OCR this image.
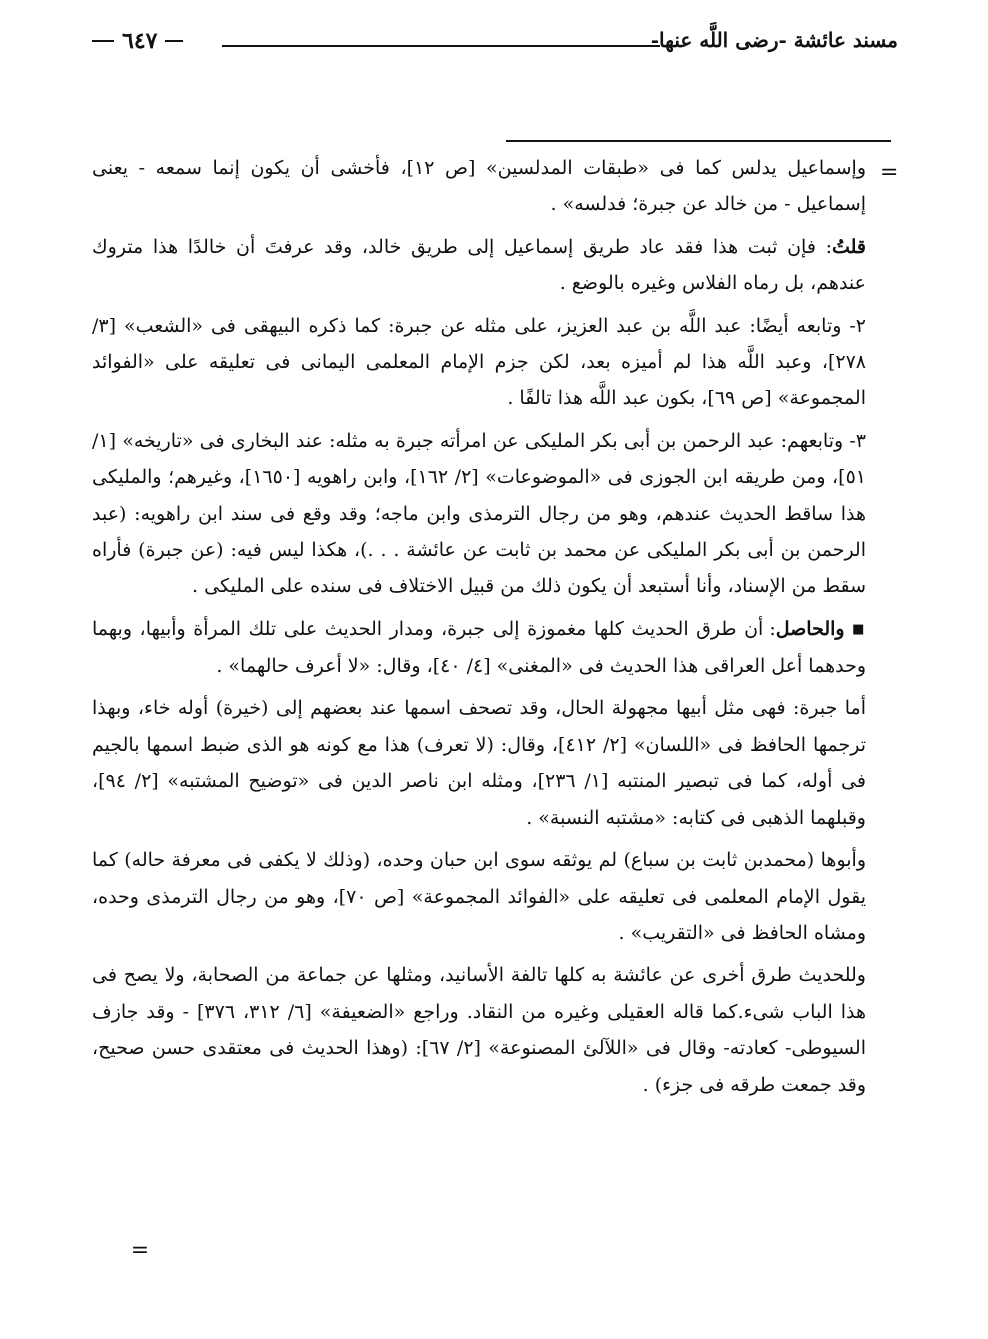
مسند عائشة -رضى اللَّه عنها-
٦٤٧
=

وإسماعيل يدلس كما فى «طبقات المدلسين» [ص ١٢]، فأخشى أن يكون إنما سمعه - يعنى إسماعيل - من خالد عن جبرة؛ فدلسه» .

قلتُ: فإن ثبت هذا فقد عاد طريق إسماعيل إلى طريق خالد، وقد عرفتَ أن خالدًا هذا متروك عندهم، بل رماه الفلاس وغيره بالوضع .

٢- وتابعه أيضًا: عبد اللَّه بن عبد العزيز، على مثله عن جبرة: كما ذكره البيهقى فى «الشعب» [٣/ ٢٧٨]، وعبد اللَّه هذا لم أميزه بعد، لكن جزم الإمام المعلمى اليمانى فى تعليقه على «الفوائد المجموعة» [ص ٦٩]، بكون عبد اللَّه هذا تالفًا .

٣- وتابعهم: عبد الرحمن بن أبى بكر المليكى عن امرأته جبرة به مثله: عند البخارى فى «تاريخه» [١/ ٥١]، ومن طريقه ابن الجوزى فى «الموضوعات» [٢/ ١٦٢]، وابن راهويه [١٦٥٠]، وغيرهم؛ والمليكى هذا ساقط الحديث عندهم، وهو من رجال الترمذى وابن ماجه؛ وقد وقع فى سند ابن راهويه: (عبد الرحمن بن أبى بكر المليكى عن محمد بن ثابت عن عائشة . . .)، هكذا ليس فيه: (عن جبرة) فأراه سقط من الإسناد، وأنا أستبعد أن يكون ذلك من قبيل الاختلاف فى سنده على المليكى .

■ والحاصل: أن طرق الحديث كلها مغموزة إلى جبرة، ومدار الحديث على تلك المرأة وأبيها، وبهما وحدهما أعل العراقى هذا الحديث فى «المغنى» [٤/ ٤٠]، وقال: «لا أعرف حالهما» .

أما جبرة: فهى مثل أبيها مجهولة الحال، وقد تصحف اسمها عند بعضهم إلى (خيرة) أوله خاء، وبهذا ترجمها الحافظ فى «اللسان» [٢/ ٤١٢]، وقال: (لا تعرف) هذا مع كونه هو الذى ضبط اسمها بالجيم فى أوله، كما فى تبصير المنتبه [١/ ٢٣٦]، ومثله ابن ناصر الدين فى «توضيح المشتبه» [٢/ ٩٤]، وقبلهما الذهبى فى كتابه: «مشتبه النسبة» .

وأبوها (محمدبن ثابت بن سباع) لم يوثقه سوى ابن حبان وحده، (وذلك لا يكفى فى معرفة حاله) كما يقول الإمام المعلمى فى تعليقه على «الفوائد المجموعة» [ص ٧٠]، وهو من رجال الترمذى وحده، ومشاه الحافظ فى «التقريب» .

وللحديث طرق أخرى عن عائشة به كلها تالفة الأسانيد، ومثلها عن جماعة من الصحابة، ولا يصح فى هذا الباب شىء.كما قاله العقيلى وغيره من النقاد. وراجع «الضعيفة» [٦/ ٣١٢، ٣٧٦] - وقد جازف السيوطى- كعادته- وقال فى «اللآلئ المصنوعة» [٢/ ٦٧]: (وهذا الحديث فى معتقدى حسن صحيح، وقد جمعت طرقه فى جزء) .

=
